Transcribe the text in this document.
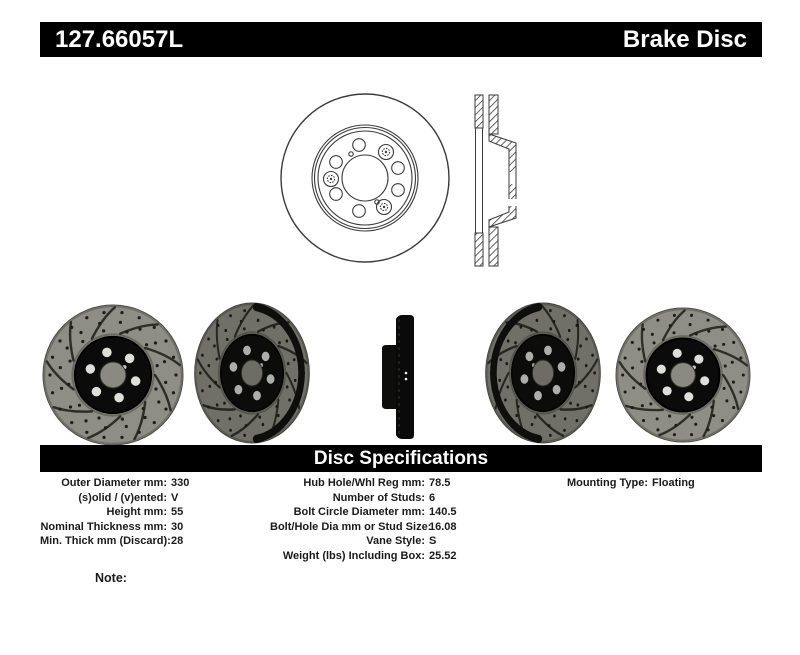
127.66057L	Brake Disc
Disc Specifications
Outer Diameter mm: 330
(s)olid / (v)ented: V
Height mm: 55
Nominal Thickness mm: 30
Min. Thick mm (Discard): 28
Hub Hole/Whl Reg mm: 78.5
Number of Studs: 6
Bolt Circle Diameter mm: 140.5
Bolt/Hole Dia mm or Stud Size:
16.08
Vane Style: S
Weight (lbs) Including Box: 25.52
Mounting Type: Floating
Note:
